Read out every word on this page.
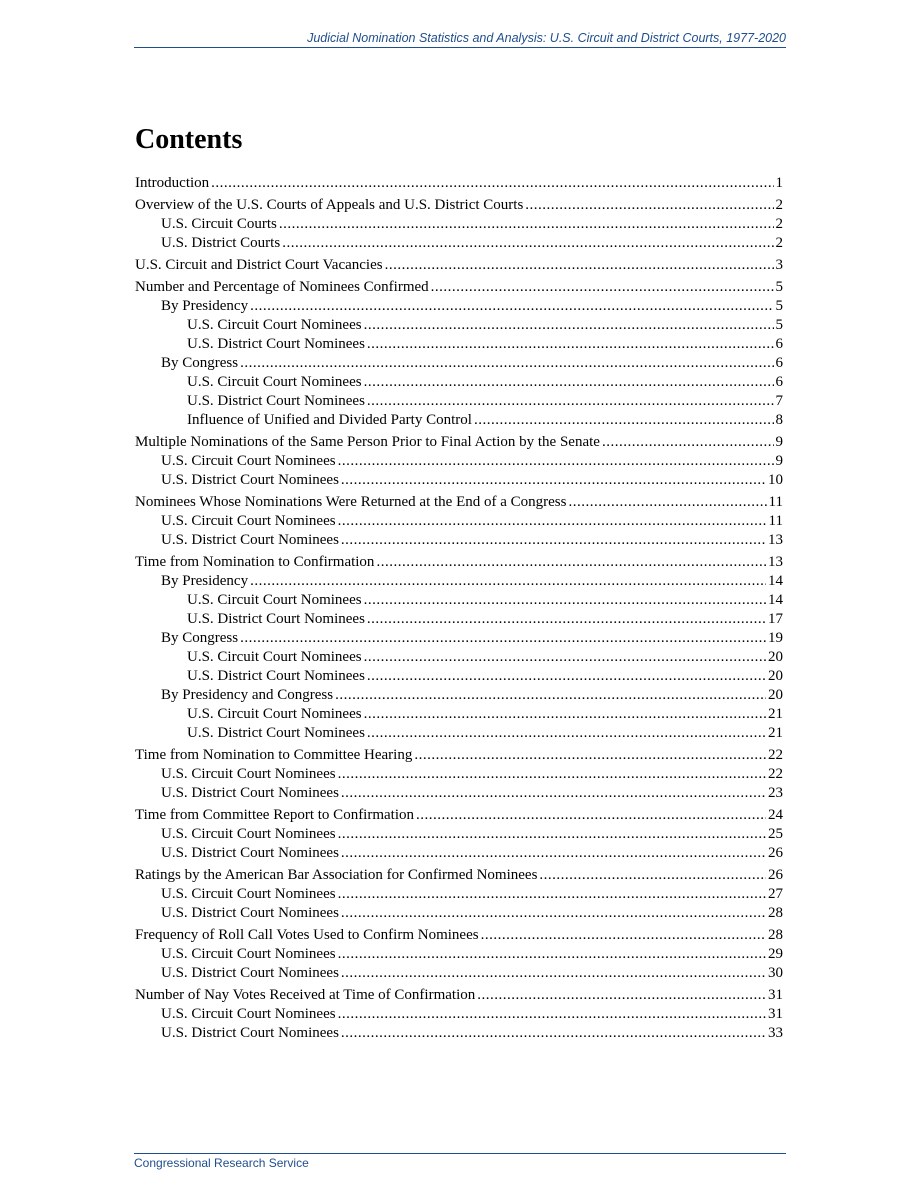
Judicial Nomination Statistics and Analysis: U.S. Circuit and District Courts, 1977-2020
Contents
Introduction .....	1
Overview of the U.S. Courts of Appeals and U.S. District Courts .....	2
U.S. Circuit Courts .....	2
U.S. District Courts .....	2
U.S. Circuit and District Court Vacancies .....	3
Number and Percentage of Nominees Confirmed .....	5
By Presidency .....	5
U.S. Circuit Court Nominees .....	5
U.S. District Court Nominees .....	6
By Congress .....	6
U.S. Circuit Court Nominees .....	6
U.S. District Court Nominees .....	7
Influence of Unified and Divided Party Control .....	8
Multiple Nominations of the Same Person Prior to Final Action by the Senate .....	9
U.S. Circuit Court Nominees .....	9
U.S. District Court Nominees .....	10
Nominees Whose Nominations Were Returned at the End of a Congress .....	11
U.S. Circuit Court Nominees .....	11
U.S. District Court Nominees .....	13
Time from Nomination to Confirmation .....	13
By Presidency .....	14
U.S. Circuit Court Nominees .....	14
U.S. District Court Nominees .....	17
By Congress .....	19
U.S. Circuit Court Nominees .....	20
U.S. District Court Nominees .....	20
By Presidency and Congress .....	20
U.S. Circuit Court Nominees .....	21
U.S. District Court Nominees .....	21
Time from Nomination to Committee Hearing .....	22
U.S. Circuit Court Nominees .....	22
U.S. District Court Nominees .....	23
Time from Committee Report to Confirmation .....	24
U.S. Circuit Court Nominees .....	25
U.S. District Court Nominees .....	26
Ratings by the American Bar Association for Confirmed Nominees .....	26
U.S. Circuit Court Nominees .....	27
U.S. District Court Nominees .....	28
Frequency of Roll Call Votes Used to Confirm Nominees .....	28
U.S. Circuit Court Nominees .....	29
U.S. District Court Nominees .....	30
Number of Nay Votes Received at Time of Confirmation .....	31
U.S. Circuit Court Nominees .....	31
U.S. District Court Nominees .....	33
Congressional Research Service
